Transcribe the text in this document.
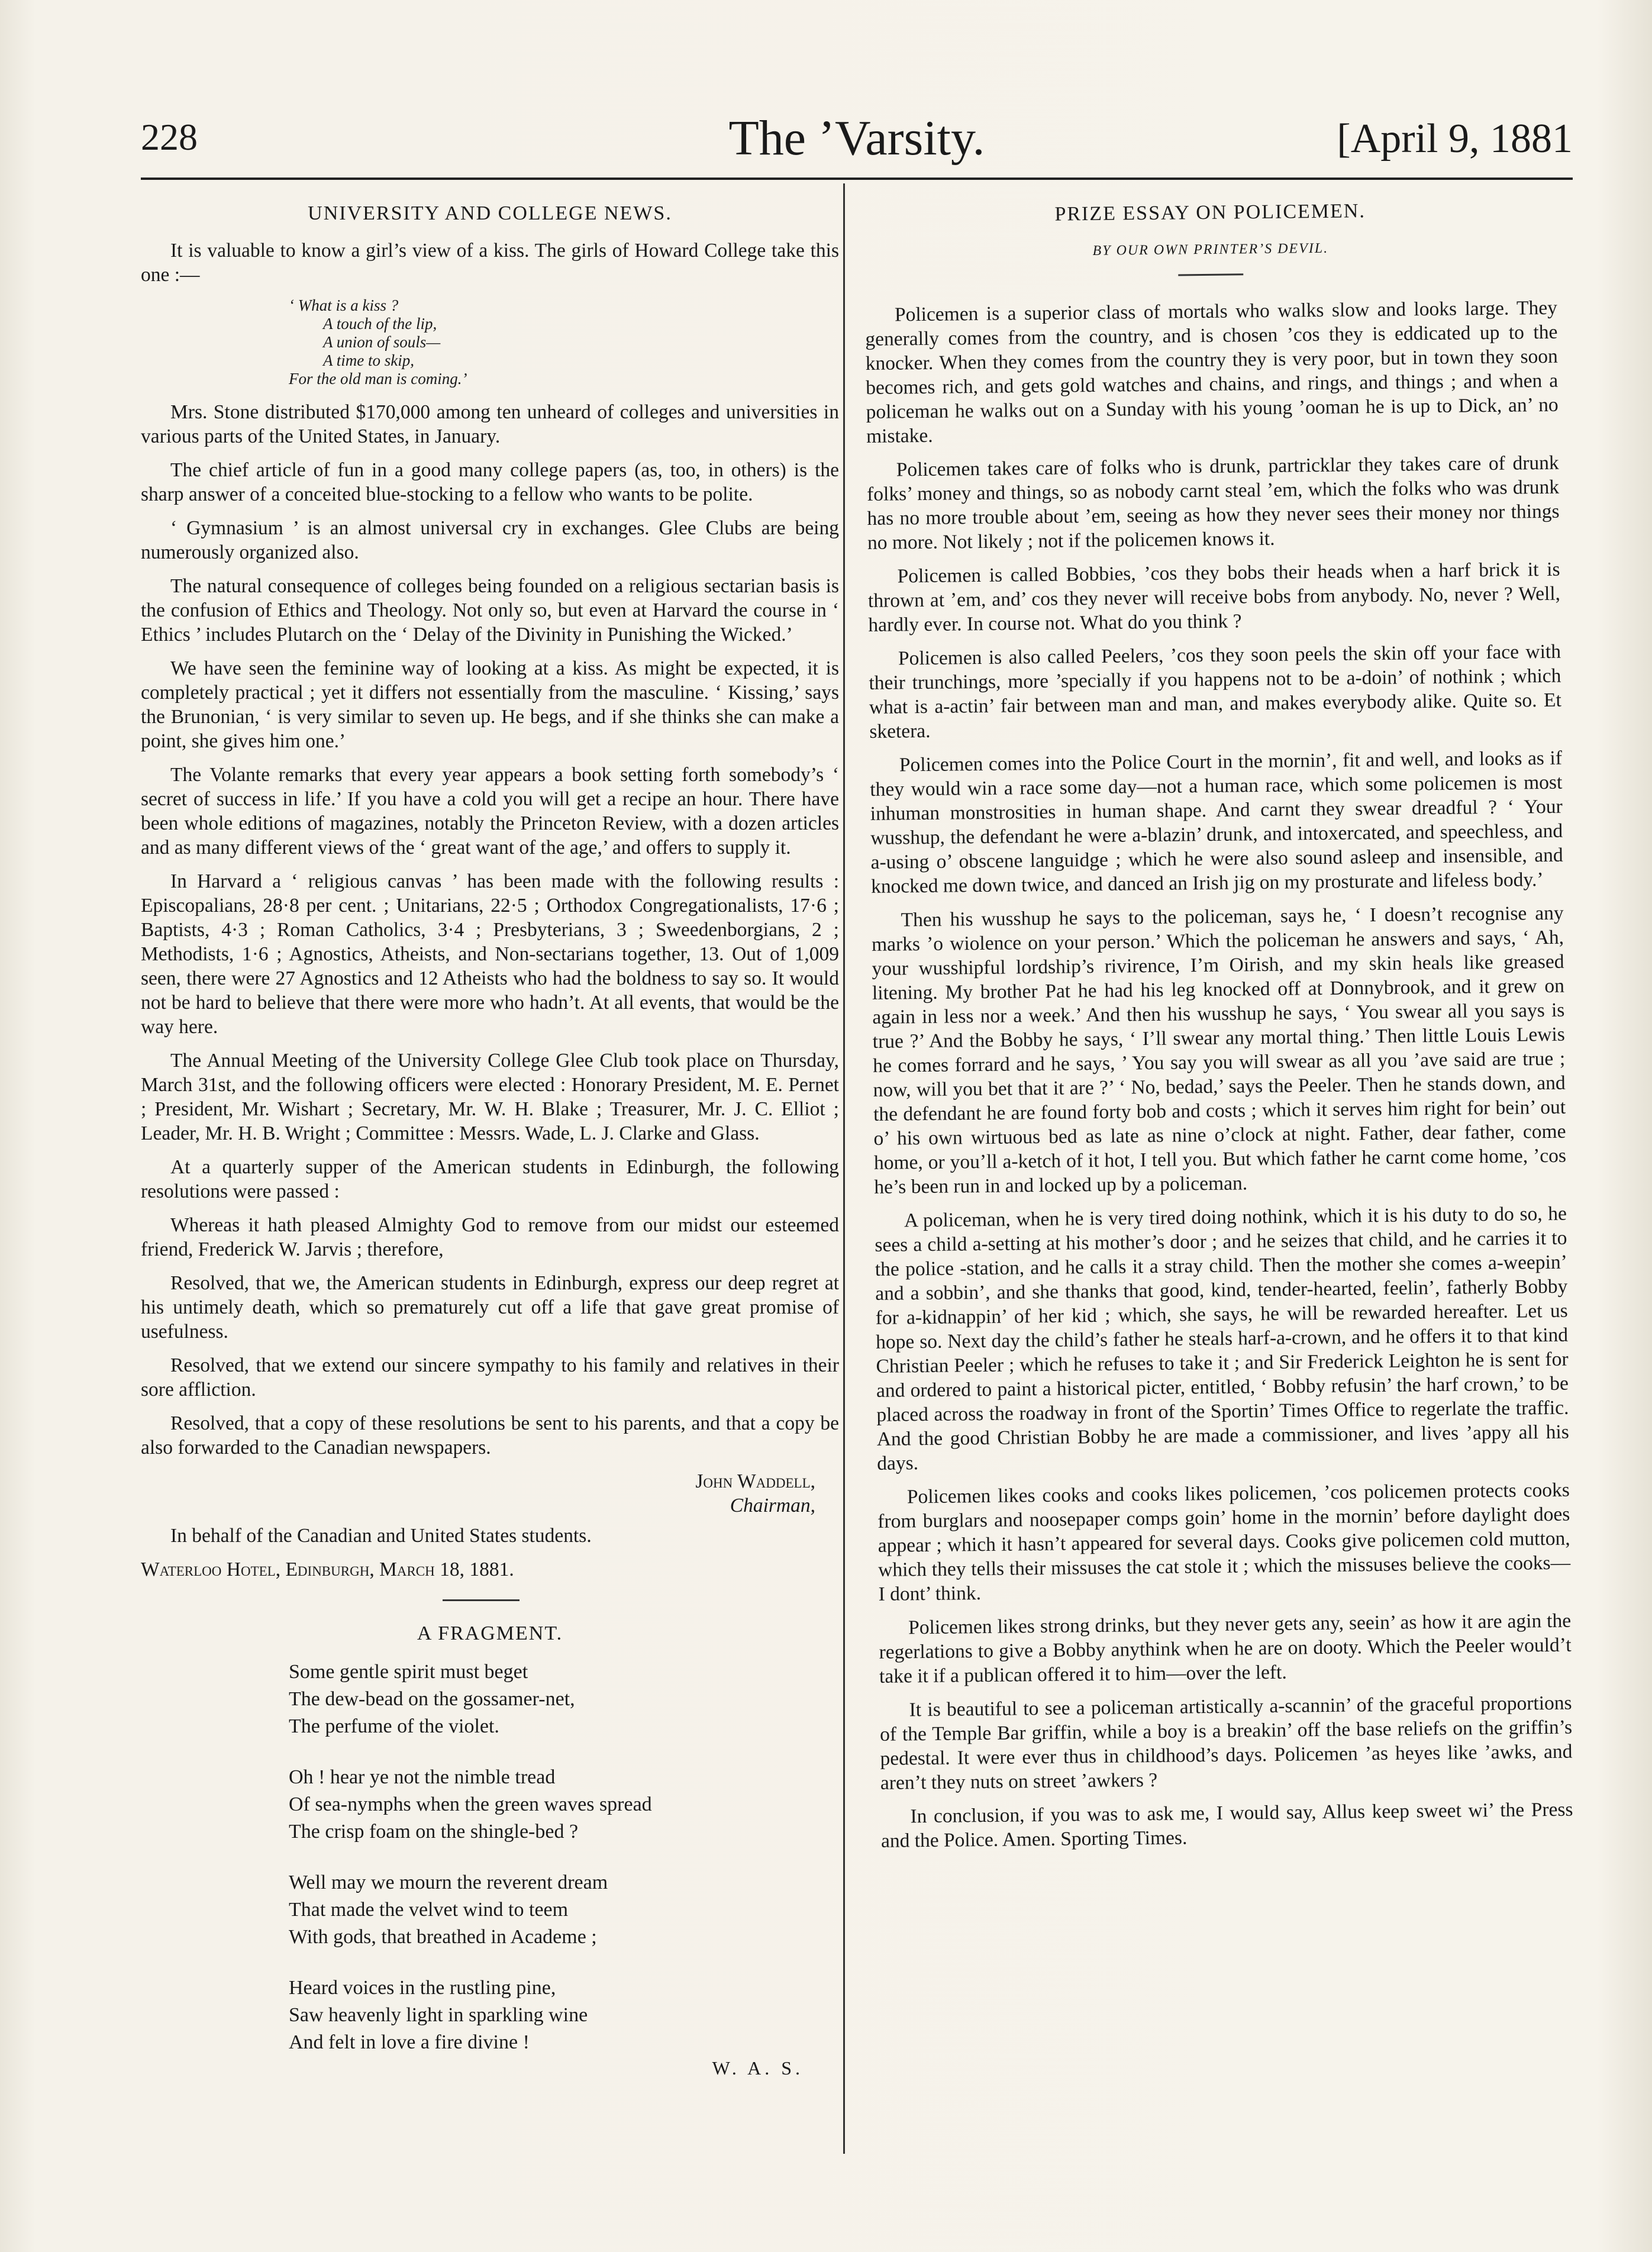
228	The ’Varsity.	[April 9, 1881
UNIVERSITY AND COLLEGE NEWS.

It is valuable to know a girl’s view of a kiss. The girls of Howard College take this one :—

‘ What is a kiss ?
A touch of the lip,
A union of souls—
A time to skip,
For the old man is coming.’

Mrs. Stone distributed $170,000 among ten unheard of colleges and universities in various parts of the United States, in January.

The chief article of fun in a good many college papers (as, too, in others) is the sharp answer of a conceited blue-stocking to a fellow who wants to be polite.

‘ Gymnasium ’ is an almost universal cry in exchanges. Glee Clubs are being numerously organized also.

The natural consequence of colleges being founded on a religious sectarian basis is the confusion of Ethics and Theology. Not only so, but even at Harvard the course in ‘ Ethics ’ includes Plutarch on the ‘ Delay of the Divinity in Punishing the Wicked.’

We have seen the feminine way of looking at a kiss. As might be expected, it is completely practical ; yet it differs not essentially from the masculine. ‘ Kissing,’ says the Brunonian, ‘ is very similar to seven up. He begs, and if she thinks she can make a point, she gives him one.’

The Volante remarks that every year appears a book setting forth somebody’s ‘ secret of success in life.’ If you have a cold you will get a recipe an hour. There have been whole editions of magazines, notably the Princeton Review, with a dozen articles and as many different views of the ‘ great want of the age,’ and offers to supply it.

In Harvard a ‘ religious canvas ’ has been made with the following results : Episcopalians, 28·8 per cent. ; Unitarians, 22·5 ; Orthodox Congregationalists, 17·6 ; Baptists, 4·3 ; Roman Catholics, 3·4 ; Presbyterians, 3 ; Sweedenborgians, 2 ; Methodists, 1·6 ; Agnostics, Atheists, and Non-sectarians together, 13. Out of 1,009 seen, there were 27 Agnostics and 12 Atheists who had the boldness to say so. It would not be hard to believe that there were more who hadn’t. At all events, that would be the way here.

The Annual Meeting of the University College Glee Club took place on Thursday, March 31st, and the following officers were elected : Honorary President, M. E. Pernet ; President, Mr. Wishart ; Secretary, Mr. W. H. Blake ; Treasurer, Mr. J. C. Elliot ; Leader, Mr. H. B. Wright ; Committee : Messrs. Wade, L. J. Clarke and Glass.

At a quarterly supper of the American students in Edinburgh, the following resolutions were passed :

Whereas it hath pleased Almighty God to remove from our midst our esteemed friend, Frederick W. Jarvis ; therefore,

Resolved, that we, the American students in Edinburgh, express our deep regret at his untimely death, which so prematurely cut off a life that gave great promise of usefulness.

Resolved, that we extend our sincere sympathy to his family and relatives in their sore affliction.

Resolved, that a copy of these resolutions be sent to his parents, and that a copy be also forwarded to the Canadian newspapers.

John Waddell,
Chairman,

In behalf of the Canadian and United States students.

Waterloo Hotel, Edinburgh, March 18, 1881.

A FRAGMENT.
Some gentle spirit must beget
The dew-bead on the gossamer-net,
The perfume of the violet.
Oh ! hear ye not the nimble tread
Of sea-nymphs when the green waves spread
The crisp foam on the shingle-bed ?
Well may we mourn the reverent dream
That made the velvet wind to teem
With gods, that breathed in Academe ;
Heard voices in the rustling pine,
Saw heavenly light in sparkling wine
And felt in love a fire divine !
W. A. S.
PRIZE ESSAY ON POLICEMEN.
BY OUR OWN PRINTER’S DEVIL.

Policemen is a superior class of mortals who walks slow and looks large. They generally comes from the country, and is chosen ’cos they is eddicated up to the knocker. When they comes from the country they is very poor, but in town they soon becomes rich, and gets gold watches and chains, and rings, and things ; and when a policeman he walks out on a Sunday with his young ’ooman he is up to Dick, an’ no mistake.

Policemen takes care of folks who is drunk, partricklar they takes care of drunk folks’ money and things, so as nobody carnt steal ’em, which the folks who was drunk has no more trouble about ’em, seeing as how they never sees their money nor things no more. Not likely ; not if the policemen knows it.

Policemen is called Bobbies, ’cos they bobs their heads when a harf brick it is thrown at ’em, and’ cos they never will receive bobs from anybody. No, never ? Well, hardly ever. In course not. What do you think ?

Policemen is also called Peelers, ’cos they soon peels the skin off your face with their trunchings, more ’specially if you happens not to be a-doin’ of nothink ; which what is a-actin’ fair between man and man, and makes everybody alike. Quite so. Et sketera.

Policemen comes into the Police Court in the mornin’, fit and well, and looks as if they would win a race some day—not a human race, which some policemen is most inhuman monstrosities in human shape. And carnt they swear dreadful ? ‘ Your wusshup, the defendant he were a-blazin’ drunk, and intoxercated, and speechless, and a-using o’ obscene languidge ; which he were also sound asleep and insensible, and knocked me down twice, and danced an Irish jig on my prosturate and lifeless body.’

Then his wusshup he says to the policeman, says he, ‘ I doesn’t recognise any marks ’o wiolence on your person.’ Which the policeman he answers and says, ‘ Ah, your wusshipful lordship’s rivirence, I’m Oirish, and my skin heals like greased litening. My brother Pat he had his leg knocked off at Donnybrook, and it grew on again in less nor a week.’ And then his wusshup he says, ‘ You swear all you says is true ?’ And the Bobby he says, ‘ I’ll swear any mortal thing.’ Then little Louis Lewis he comes forrard and he says, ’ You say you will swear as all you ’ave said are true ; now, will you bet that it are ?’ ‘ No, bedad,’ says the Peeler. Then he stands down, and the defendant he are found forty bob and costs ; which it serves him right for bein’ out o’ his own wirtuous bed as late as nine o’clock at night. Father, dear father, come home, or you’ll a-ketch of it hot, I tell you. But which father he carnt come home, ’cos he’s been run in and locked up by a policeman.

A policeman, when he is very tired doing nothink, which it is his duty to do so, he sees a child a-setting at his mother’s door ; and he seizes that child, and he carries it to the police -station, and he calls it a stray child. Then the mother she comes a-weepin’ and a sobbin’, and she thanks that good, kind, tender-hearted, feelin’, fatherly Bobby for a-kidnappin’ of her kid ; which, she says, he will be rewarded hereafter. Let us hope so. Next day the child’s father he steals harf-a-crown, and he offers it to that kind Christian Peeler ; which he refuses to take it ; and Sir Frederick Leighton he is sent for and ordered to paint a historical picter, entitled, ‘ Bobby refusin’ the harf crown,’ to be placed across the roadway in front of the Sportin’ Times Office to regerlate the traffic. And the good Christian Bobby he are made a commissioner, and lives ’appy all his days.

Policemen likes cooks and cooks likes policemen, ’cos policemen protects cooks from burglars and noosepaper comps goin’ home in the mornin’ before daylight does appear ; which it hasn’t appeared for several days. Cooks give policemen cold mutton, which they tells their missuses the cat stole it ; which the missuses believe the cooks—I dont’ think.

Policemen likes strong drinks, but they never gets any, seein’ as how it are agin the regerlations to give a Bobby anythink when he are on dooty. Which the Peeler would’t take it if a publican offered it to him—over the left.

It is beautiful to see a policeman artistically a-scannin’ of the graceful proportions of the Temple Bar griffin, while a boy is a breakin’ off the base reliefs on the griffin’s pedestal. It were ever thus in childhood’s days. Policemen ’as heyes like ’awks, and aren’t they nuts on street ’awkers ?

In conclusion, if you was to ask me, I would say, Allus keep sweet wi’ the Press and the Police. Amen. Sporting Times.
